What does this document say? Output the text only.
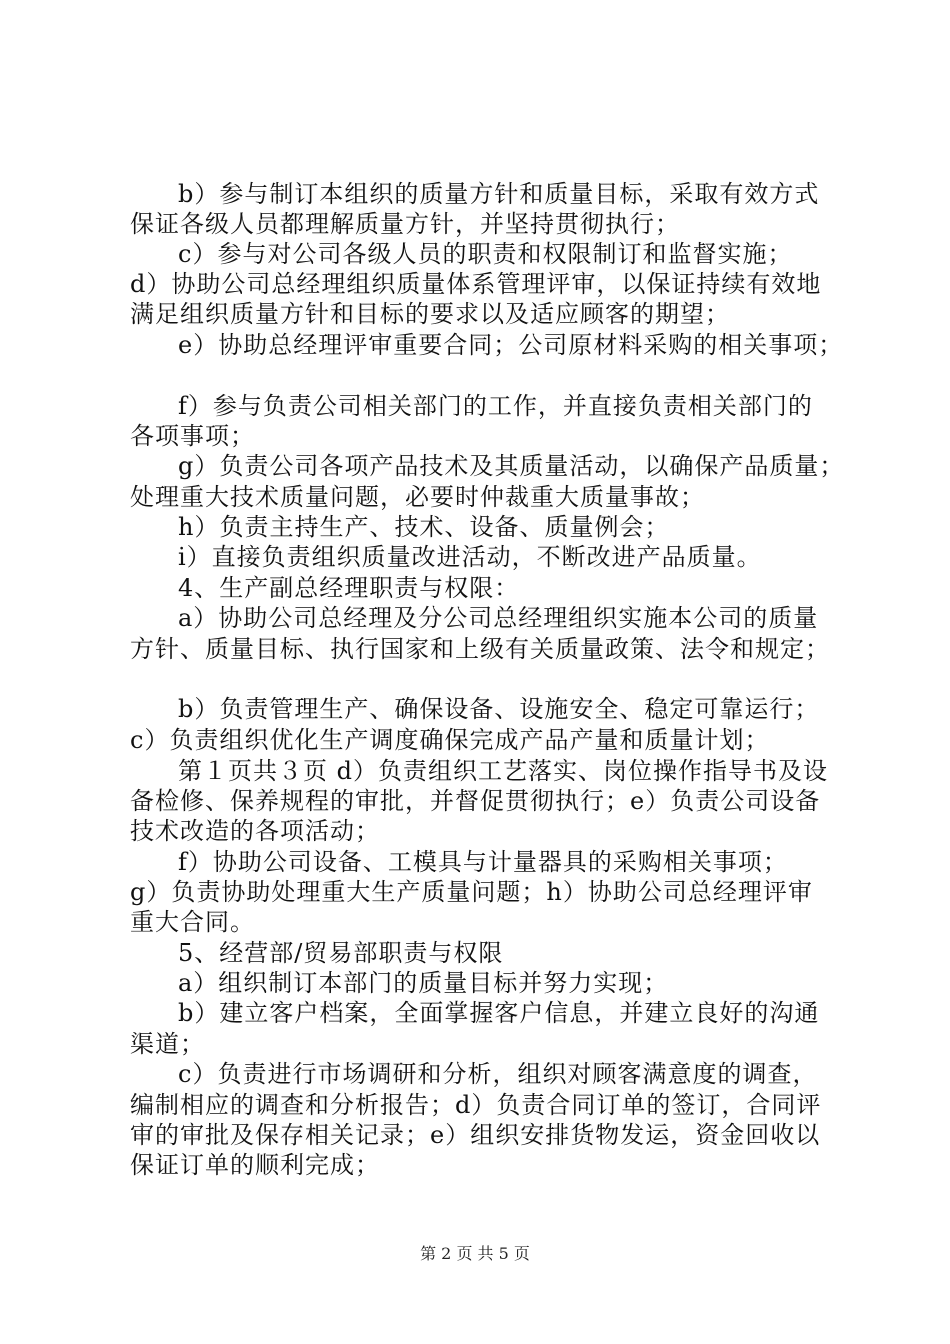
b）参与制订本组织的质量方针和质量目标，采取有效方式
保证各级人员都理解质量方针，并坚持贯彻执行；
c）参与对公司各级人员的职责和权限制订和监督实施；
d）协助公司总经理组织质量体系管理评审，以保证持续有效地
满足组织质量方针和目标的要求以及适应顾客的期望；
e）协助总经理评审重要合同；公司原材料采购的相关事项；
f）参与负责公司相关部门的工作，并直接负责相关部门的
各项事项；
g）负责公司各项产品技术及其质量活动，以确保产品质量；
处理重大技术质量问题，必要时仲裁重大质量事故；
h）负责主持生产、技术、设备、质量例会；
i）直接负责组织质量改进活动，不断改进产品质量。
4、生产副总经理职责与权限：
a）协助公司总经理及分公司总经理组织实施本公司的质量
方针、质量目标、执行国家和上级有关质量政策、法令和规定；
b）负责管理生产、确保设备、设施安全、稳定可靠运行；
c）负责组织优化生产调度确保完成产品产量和质量计划；
第１页共３页 d）负责组织工艺落实、岗位操作指导书及设
备检修、保养规程的审批，并督促贯彻执行；e）负责公司设备
技术改造的各项活动；
f）协助公司设备、工模具与计量器具的采购相关事项；
g）负责协助处理重大生产质量问题；h）协助公司总经理评审
重大合同。
5、经营部/贸易部职责与权限
a）组织制订本部门的质量目标并努力实现；
b）建立客户档案，全面掌握客户信息，并建立良好的沟通
渠道；
c）负责进行市场调研和分析，组织对顾客满意度的调查，
编制相应的调查和分析报告；d）负责合同订单的签订，合同评
审的审批及保存相关记录；e）组织安排货物发运，资金回收以
保证订单的顺利完成；
第 2 页 共 5 页
